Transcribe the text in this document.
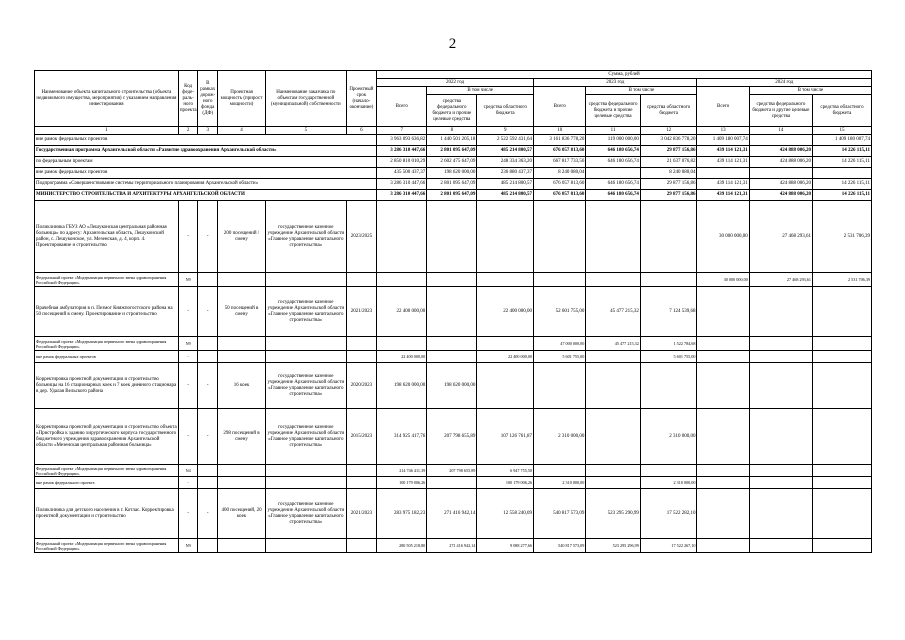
2
Наименование объекта капитального строительства (объекта недвижимого имущества, мероприятия) с указанием направления инвестирования	Код феде-раль-ного проекта	В рамках дорож-ного фонда (ДФ)	Проектная мощность (прирост мощности)	Наименование заказчика по объектам государственной (муниципальной) собственности	Проектный срок (начало-окончание)	Сумма, рублей								
						2022 год			2023 год			2024 год		
						Всего	В том числе		Всего	В том числе		Всего	В том числе	
							средства федерального бюджета и прочие целевые средства	средства областного бюджета		средства федерального бюджета и прочие целевые средства	средства областного бюджета		средства федерального бюджета и другие целевые средства	средства областного бюджета
1	2	3	4	5	6	7	8	9	10	11	12	13	14	15
вне рамок федеральных проектов						3 963 093 636,82	1 440 501 205,18	2 522 592 431,64	3 161 836 778,20	119 000 000,00	3 042 836 778,20	1 409 180 007,74		1 409 180 007,74
Государственная программа Архангельской области «Развитие здравоохранения Архангельской области»						3 286 310 447,66	2 801 095 647,09	485 214 800,57	676 057 813,60	646 180 656,74	29 877 156,86	439 114 121,31	424 888 006,20	14 226 115,11
по федеральным проектам						2 850 810 010,29	2 602 475 647,09	248 334 363,20	667 817 733,56	646 180 656,74	21 637 076,82	439 114 121,31	424 888 006,20	14 226 115,11
вне рамок федеральных проектов						435 500 437,37	198 620 000,00	236 880 437,37	8 240 080,04		8 240 080,04			
Подпрограмма «Совершенствование системы территориального планирования Архангельской области»						3 286 310 447,66	2 801 095 647,09	485 214 800,57	676 057 813,60	646 180 656,74	29 877 156,86	439 114 121,31	424 888 006,20	14 226 115,11
МИНИСТЕРСТВО СТРОИТЕЛЬСТВА И АРХИТЕКТУРЫ АРХАНГЕЛЬСКОЙ ОБЛАСТИ						3 286 310 447,66	2 801 095 647,09	485 214 800,57	676 057 813,60	646 180 656,74	29 877 156,86	439 114 121,31	424 888 006,20	14 226 115,11
Поликлиника ГБУЗ АО «Лешуконская центральная районная больница» по адресу: Архангельская область, Лешуконский район, с. Лешуконское, ул. Мезенская, д. 4, корп. 4. Проектирование и строительство	-	-	200 посещений / смену	государственное казенное учреждение Архангельской области «Главное управление капитального строительства»	2023/2025							30 000 000,00	27 468 293,61	2 531 706,39
Федеральный проект «Модернизация первичного звена здравоохранения Российской Федерации»	N9											30 000 000,00	27 468 293,61	2 531 706,39
Врачебная амбулатория в п. Пезмог Княжпогостского района на 50 посещений в смену. Проектирование и строительство	-	-	50 посещений в смену	государственное казенное учреждение Архангельской области «Главное управление капитального строительства»	2021/2023	22 400 000,00		22 400 000,00	52 601 755,00	45 477 215,32	7 124 539,68			
Федеральный проект «Модернизация первичного звена здравоохранения Российской Федерации»	N9								47 000 000,00	45 477 215,32	1 522 784,68			
вне рамок федеральных проектов	-					22 400 000,00		22 400 000,00	5 601 755,00		5 601 755,00			
Корректировка проектной документации и строительство больницы на 16 стационарных коек и 7 коек дневного стационара в дер. Удалая Вельского района	-	-	16 коек	государственное казенное учреждение Архангельской области «Главное управление капитального строительства»	2020/2023	198 620 000,00	198 620 000,00							
Корректировка проектной документации и строительство объекта «Пристройка к зданию хирургического корпуса государственного бюджетного учреждения здравоохранения Архангельской области «Мезенская центральная районная больница»	-	-	298 посещений в смену	государственное казенное учреждение Архангельской области «Главное управление капитального строительства»	2015/2023	314 925 417,76	207 798 655,89	107 126 761,87	2 310 000,00		2 310 000,00			
Федеральный проект «Модернизация первичного звена здравоохранения Российской Федерации»	N4					214 746 411,39	207 798 655,89	6 947 755,50						
вне рамок федерального проекта	-					100 179 006,26		100 179 006,26	2 310 000,00		2 310 000,00			
Поликлиника для детского населения в г. Котлас. Корректировка проектной документации и строительство	-	-	400 посещений, 20 коек	государственное казенное учреждение Архангельской области «Главное управление капитального строительства»	2021/2023	283 975 182,23	271 416 942,14	12 558 240,09	540 817 573,09	523 295 290,99	17 522 282,10			
Федеральный проект «Модернизация первичного звена здравоохранения Российской Федерации»	N9					280 505 218,80	271 416 942,14	9 088 277,66	540 817 573,09	523 295 296,99	17 522 267,10			
